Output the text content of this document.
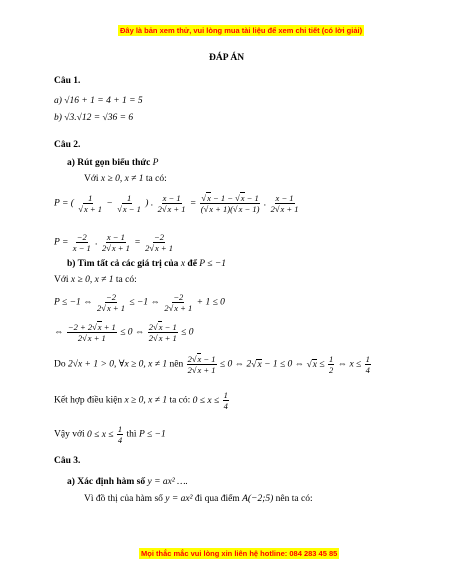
Đây là bản xem thử, vui lòng mua tài liệu để xem chi tiết (có lời giải)
ĐÁP ÁN
Câu 1.
a) √16 + 1 = 4 + 1 = 5
b) √3.√12 = √36 = 6
Câu 2.
a) Rút gọn biểu thức P
Với x ≥ 0, x ≠ 1 ta có:
P = ( 1
√ x + 1 − 1
√ x − 1 ) . $\frac{x - 1}{2 √ x + 1}$ = √ $\frac{x - 1 - √ x - 1}{( √ x + 1)( √ x - 1)}$ . $\frac{x - 1}{2 √ x + 1}$
$P = \frac{-2}{x - 1}$ . $\frac{x - 1}{2 √ x + 1} = \frac{-2}{2 √ x + 1}$
b) Tìm tất cả các giá trị của x để P ≤ −1
Với x ≥ 0, x ≠ 1 ta có:
P ≤ −1 ⇔ $\frac{-2}{2 √ x + 1} \le -1$ ⇔ $\frac{-2}{2 √ x + 1} + 1 \le 0$
⇔ $\frac{-2 + 2 √ x + 1}{2 √ x + 1} \le 0$ ⇔ $\frac{2 √ x - 1}{2 √ x + 1} \le 0$
Do 2√x + 1 > 0, ∀x ≥ 0, x ≠ 1 nên $\frac{2 √ x - 1}{2 √ x + 1} \le 0$ ⇔ 2 √ x − 1 ≤ 0 ⇔ √ $x \le \frac{1}{2}$ ⇔ $x \le \frac{1}{4}$
Kết hợp điều kiện x ≥ 0, x ≠ 1 ta có: $0 \le x \le \frac{1}{4}$
Vậy với $0 \le x \le \frac{1}{4}$ thì P ≤ −1
Câu 3.
a) Xác định hàm số y = ax² ….
Vì đồ thị của hàm số y = ax² đi qua điểm A(−2;5) nên ta có:
Mọi thắc mắc vui lòng xin liên hệ hotline: 084 283 45 85
